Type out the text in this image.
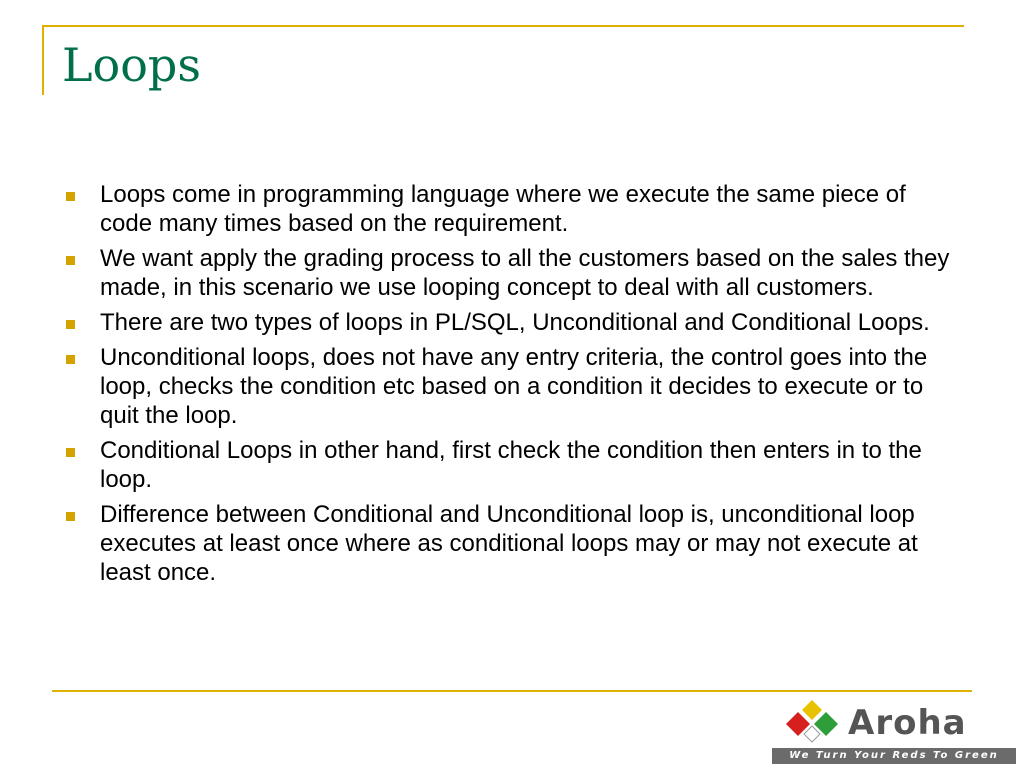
Loops
Loops come in programming language where we execute the same piece of code many times based on the requirement.
We want apply the grading process to all the customers based on the sales they made, in this scenario we use looping concept to deal with all customers.
There are two types of loops in PL/SQL, Unconditional and Conditional Loops.
Unconditional loops, does not have any entry criteria, the control goes into the loop, checks the condition etc based on a condition it decides to execute or to quit the loop.
Conditional Loops in other hand, first check the condition then enters in to the loop.
Difference between Conditional and Unconditional loop is, unconditional loop executes at least once where as conditional loops may or may not execute at least once.
Aroha
We Turn Your Reds To Green
